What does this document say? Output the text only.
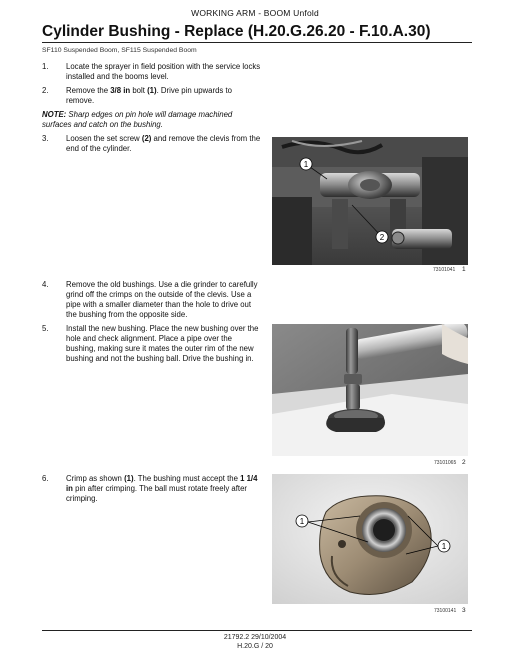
WORKING ARM - BOOM Unfold
Cylinder Bushing - Replace (H.20.G.26.20 - F.10.A.30)
SF110 Suspended Boom, SF115 Suspended Boom
1. Locate the sprayer in field position with the service locks installed and the booms level.
2. Remove the 3/8 in bolt (1). Drive pin upwards to remove.
NOTE: Sharp edges on pin hole will damage machined surfaces and catch on the bushing.
3. Loosen the set screw (2) and remove the clevis from the end of the cylinder.
1
2
73101041 1
4. Remove the old bushings. Use a die grinder to carefully grind off the crimps on the outside of the clevis. Use a pipe with a smaller diameter than the hole to drive out the bushing from the opposite side.
5. Install the new bushing. Place the new bushing over the hole and check alignment. Place a pipe over the bushing, making sure it mates the outer rim of the new bushing and not the bushing ball. Drive the bushing in.
73101065 2
6. Crimp as shown (1). The bushing must accept the 1 1/4 in pin after crimping. The ball must rotate freely after crimping.
1
1
73100141 3
21792.2 29/10/2004
H.20.G / 20
